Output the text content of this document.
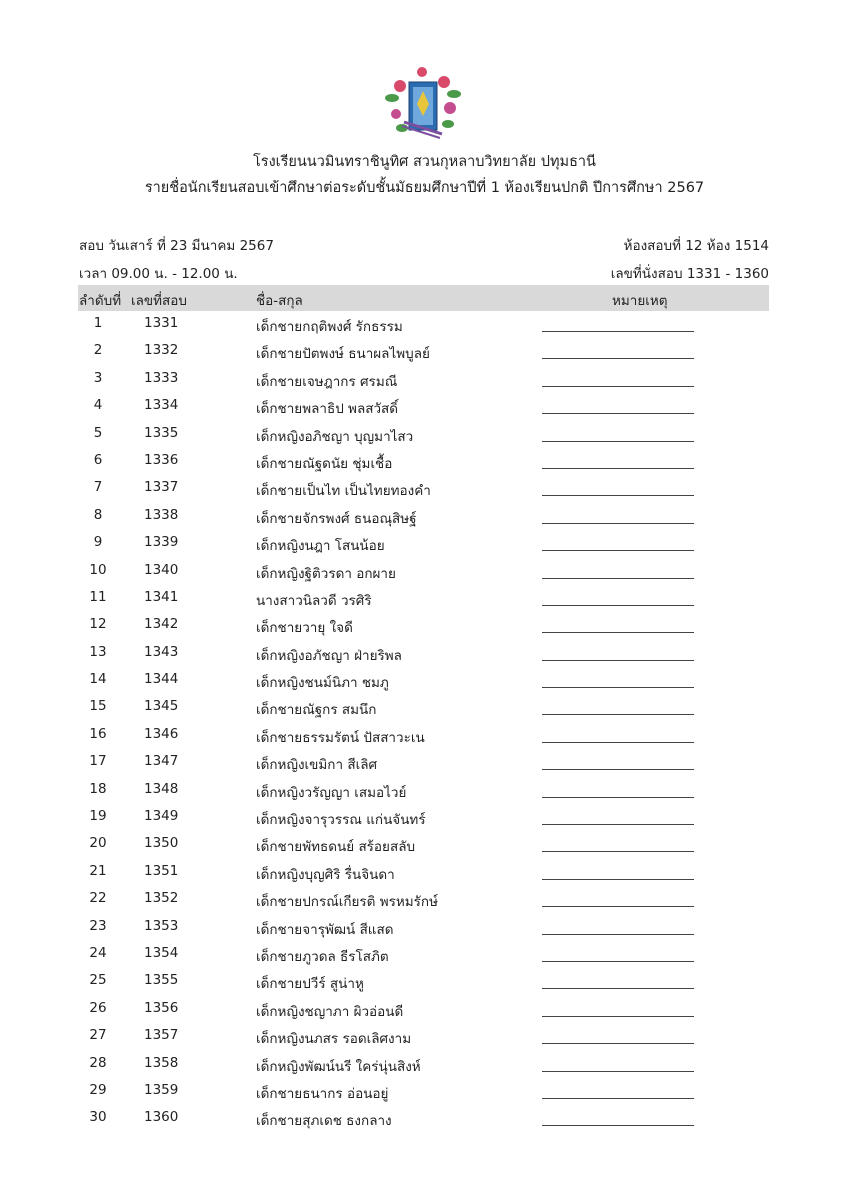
โรงเรียนนวมินทราชินูทิศ สวนกุหลาบวิทยาลัย ปทุมธานี
รายชื่อนักเรียนสอบเข้าศึกษาต่อระดับชั้นมัธยมศึกษาปีที่ 1 ห้องเรียนปกติ ปีการศึกษา 2567
สอบ วันเสาร์ ที่ 23 มีนาคม 2567
เวลา 09.00 น. - 12.00 น.
ห้องสอบที่ 12 ห้อง 1514
เลขที่นั่งสอบ 1331 - 1360
ลำดับที่ เลขที่สอบ	ชื่อ-สกุล	หมายเหตุ
1	1331	เด็กชายกฤติพงศ์ รักธรรม
2	1332	เด็กชายปัตพงษ์ ธนาผลไพบูลย์
3	1333	เด็กชายเจษฎากร ศรมณี
4	1334	เด็กชายพลาธิป พลสวัสดิ์
5	1335	เด็กหญิงอภิชญา บุญมาไสว
6	1336	เด็กชายณัฐดนัย ชุ่มเชื้อ
7	1337	เด็กชายเป็นไท เป็นไทยทองคำ
8	1338	เด็กชายจักรพงศ์ ธนอณุสิษฐ์
9	1339	เด็กหญิงนฎา โสนน้อย
10	1340	เด็กหญิงฐิติวรดา อกผาย
11	1341	นางสาวนิลวดี วรศิริ
12	1342	เด็กชายวายุ ใจดี
13	1343	เด็กหญิงอภัชญา ฝ่ายริพล
14	1344	เด็กหญิงชนม์นิภา ชมภู
15	1345	เด็กชายณัฐกร สมนึก
16	1346	เด็กชายธรรมรัตน์ ปัสสาวะเน
17	1347	เด็กหญิงเขมิกา สีเลิศ
18	1348	เด็กหญิงวรัญญา เสมอไวย์
19	1349	เด็กหญิงจารุวรรณ แก่นจันทร์
20	1350	เด็กชายพัทธดนย์ สร้อยสลับ
21	1351	เด็กหญิงบุญศิริ รื่นจินดา
22	1352	เด็กชายปกรณ์เกียรติ พรหมรักษ์
23	1353	เด็กชายจารุพัฒน์ สีแสด
24	1354	เด็กชายภูวดล ธีรโสภิต
25	1355	เด็กชายปวีร์ สูน่าหู
26	1356	เด็กหญิงชญาภา ผิวอ่อนดี
27	1357	เด็กหญิงนภสร รอดเลิศงาม
28	1358	เด็กหญิงพัฒน์นรี ใคร่นุ่นสิงห์
29	1359	เด็กชายธนากร อ่อนอยู่
30	1360	เด็กชายสุภเดช ธงกลาง
